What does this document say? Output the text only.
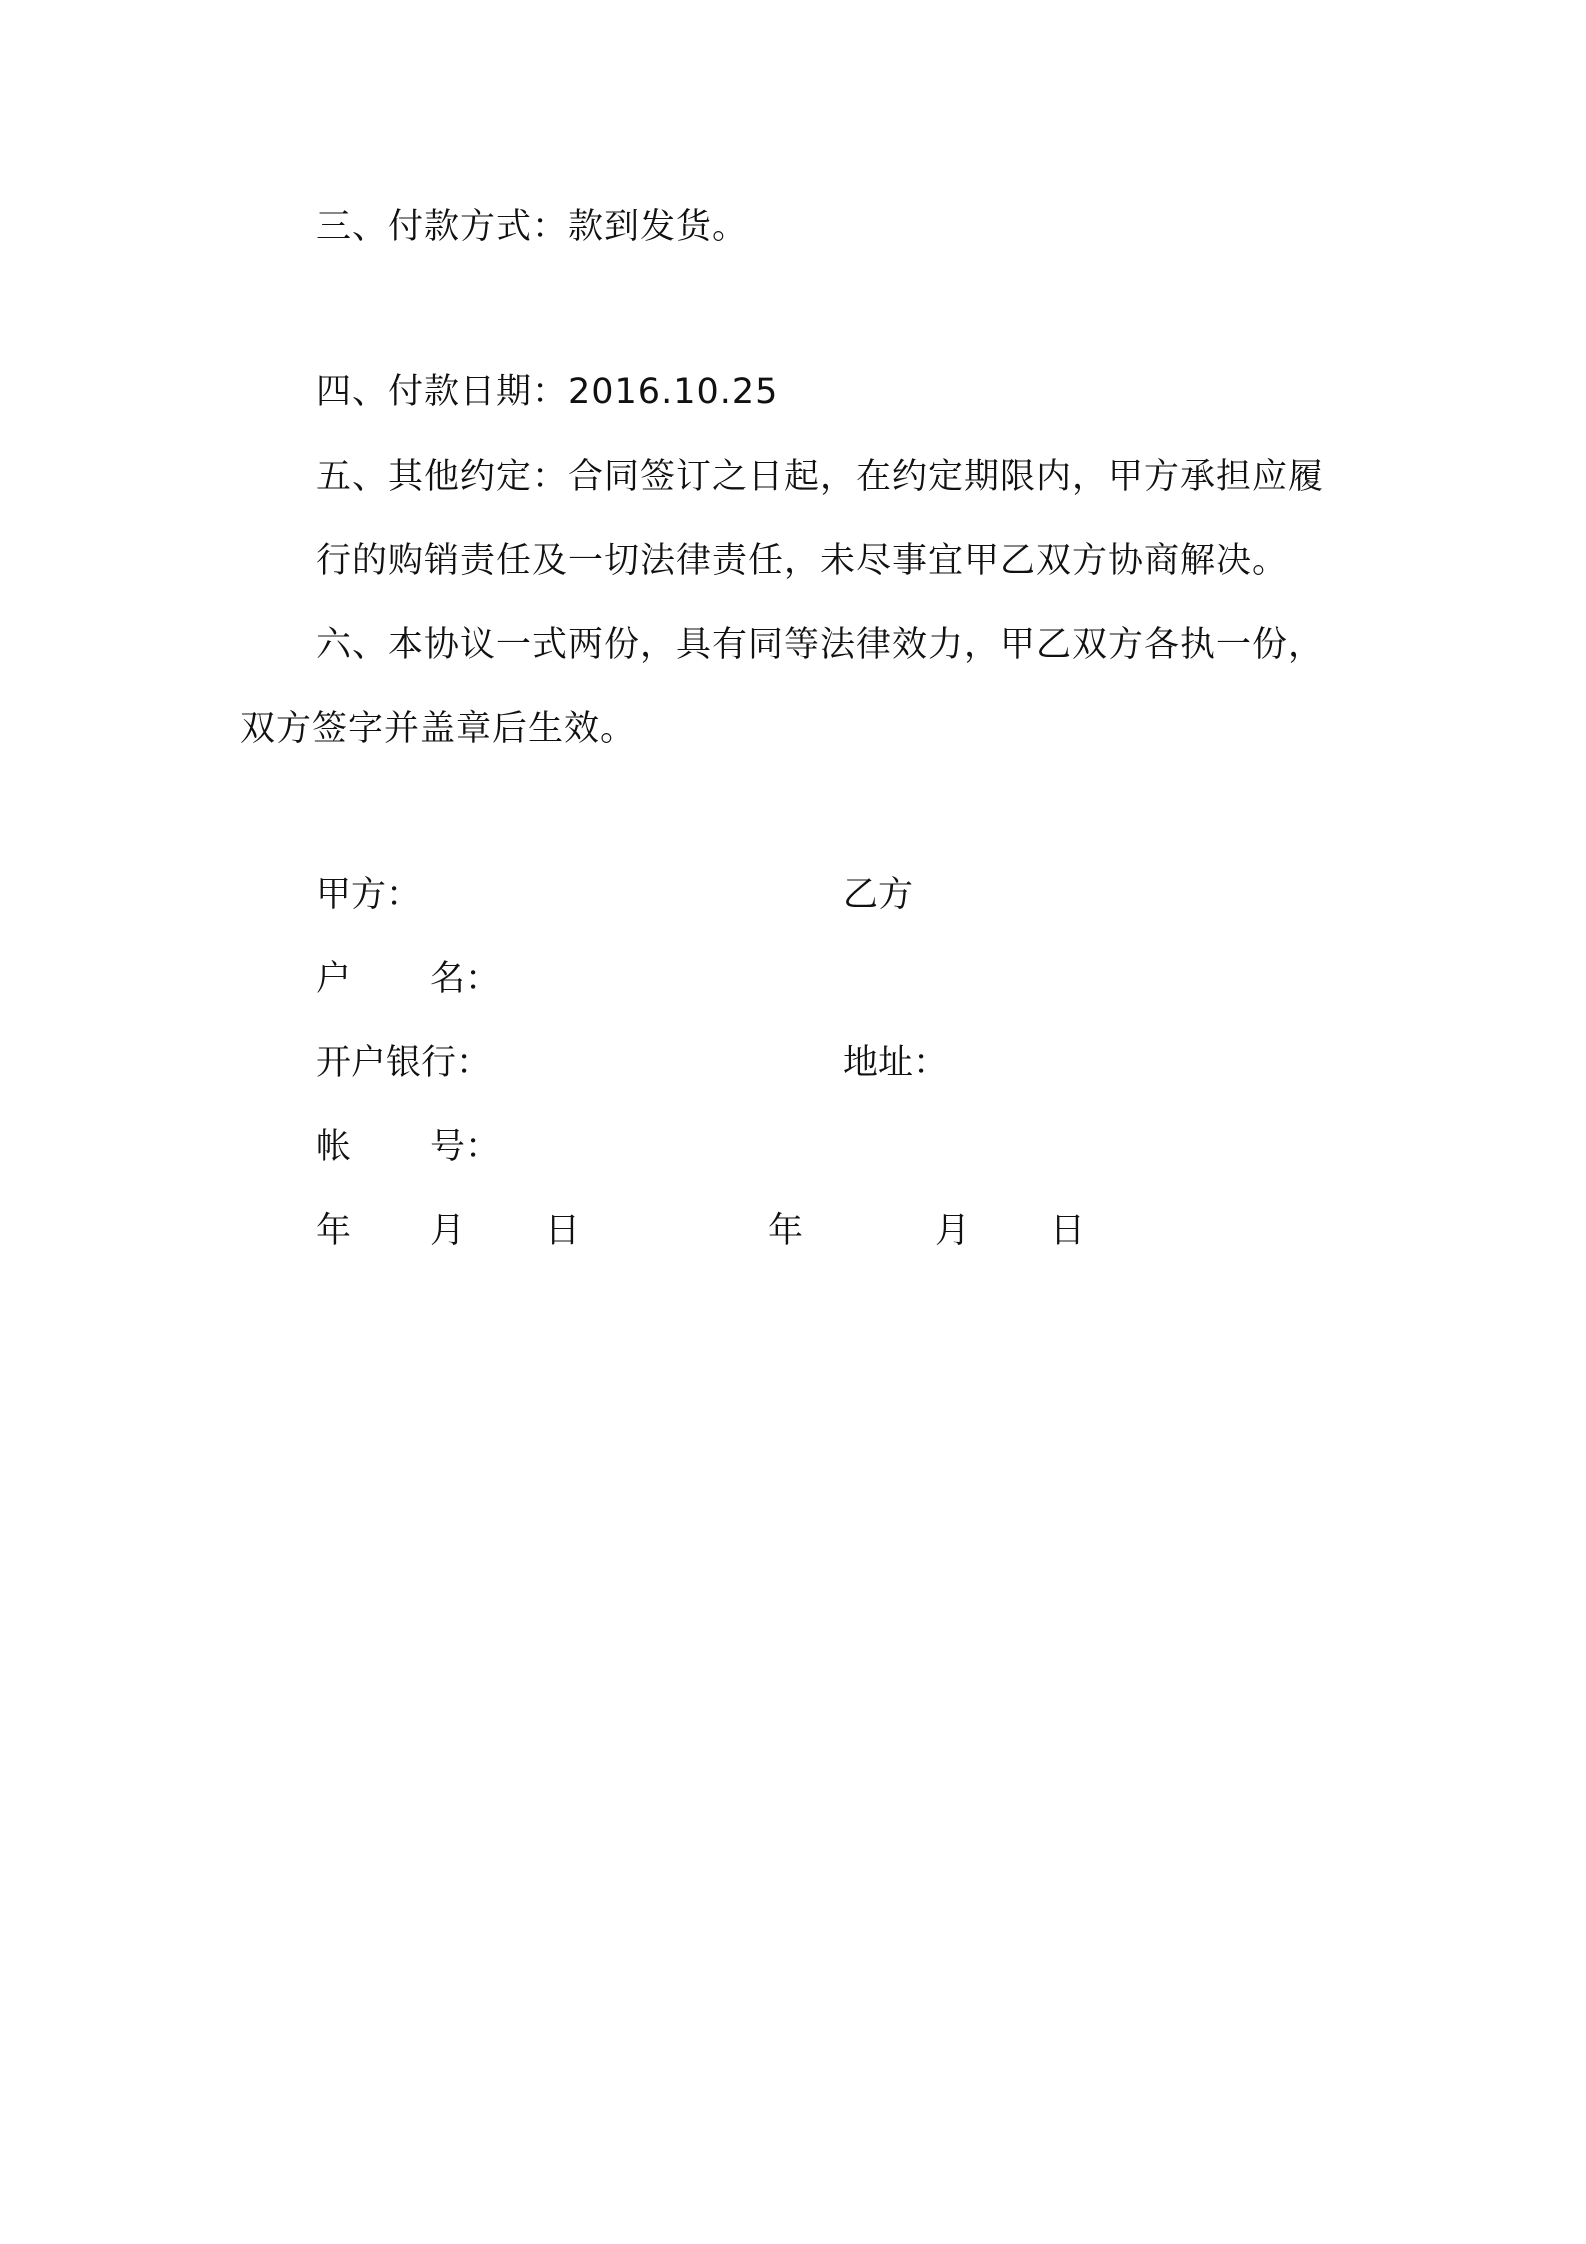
三、付款方式：款到发货。
四、付款日期：2016.10.25
五、其他约定：合同签订之日起，在约定期限内，甲方承担应履
行的购销责任及一切法律责任，未尽事宜甲乙双方协商解决。
六、本协议一式两份，具有同等法律效力，甲乙双方各执一份，
双方签字并盖章后生效。
甲方：	乙方
户 名：
开户银行：	地址：
帐 号：
年 月 日	年	月 日
